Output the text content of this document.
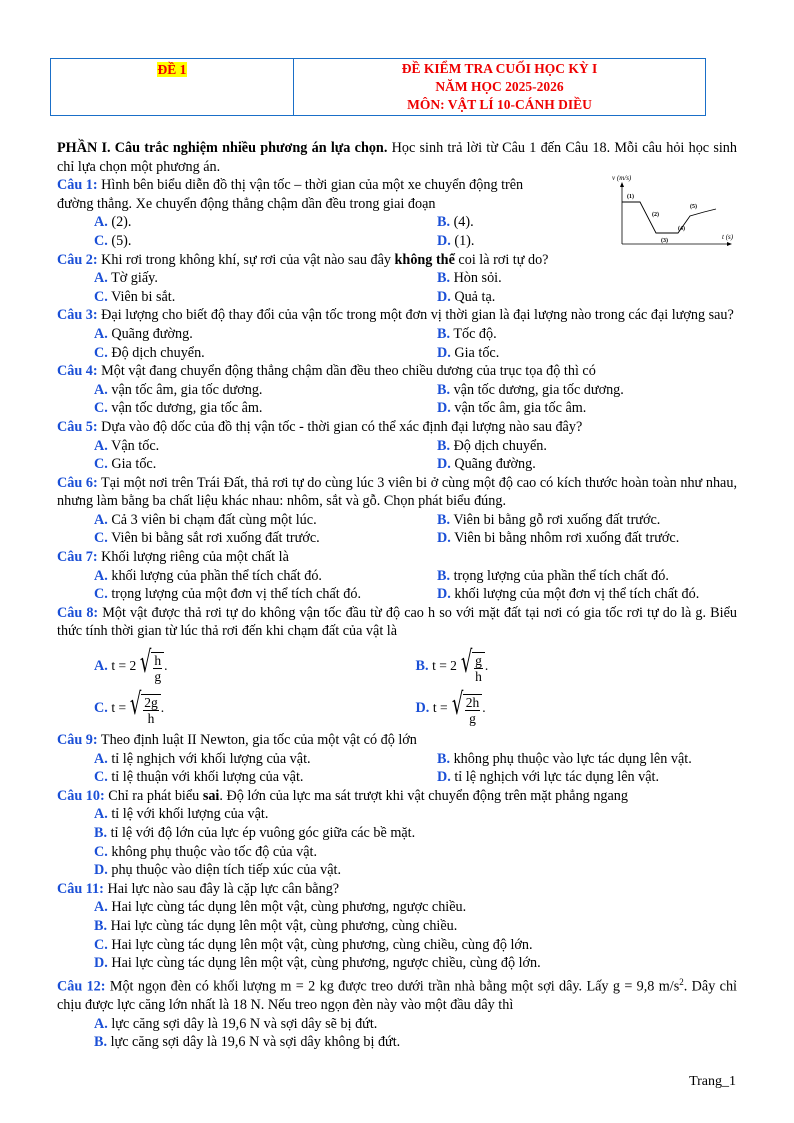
ĐỀ 1	ĐỀ KIỂM TRA CUỐI HỌC KỲ I
NĂM HỌC 2025-2026
MÔN: VẬT LÍ 10-CÁNH DIỀU
v (m/s)
t (s)
(1)
(2)
(3)
(4)
(5)

PHẦN I. Câu trắc nghiệm nhiều phương án lựa chọn. Học sinh trả lời từ Câu 1 đến Câu 18. Mỗi câu hỏi học sinh chỉ lựa chọn một phương án.

Câu 1: Hình bên biểu diễn đồ thị vận tốc – thời gian của một xe chuyển động trên

đường thẳng. Xe chuyển động thẳng chậm dần đều trong giai đoạn

A. (2).	B. (4).
C. (5).	D. (1).

Câu 2: Khi rơi trong không khí, sự rơi của vật nào sau đây không thể coi là rơi tự do?

A. Tờ giấy.	B. Hòn sỏi.
C. Viên bi sắt.	D. Quả tạ.

Câu 3: Đại lượng cho biết độ thay đổi của vận tốc trong một đơn vị thời gian là đại lượng nào trong các đại lượng sau?

A. Quãng đường.	B. Tốc độ.
C. Độ dịch chuyển.	D. Gia tốc.

Câu 4: Một vật đang chuyển động thẳng chậm dần đều theo chiều dương của trục tọa độ thì có

A. vận tốc âm, gia tốc dương.	B. vận tốc dương, gia tốc dương.
C. vận tốc dương, gia tốc âm.	D. vận tốc âm, gia tốc âm.

Câu 5: Dựa vào độ dốc của đồ thị vận tốc - thời gian có thể xác định đại lượng nào sau đây?

A. Vận tốc.	B. Độ dịch chuyển.
C. Gia tốc.	D. Quãng đường.

Câu 6: Tại một nơi trên Trái Đất, thả rơi tự do cùng lúc 3 viên bi ở cùng một độ cao có kích thước hoàn toàn như nhau, nhưng làm bằng ba chất liệu khác nhau: nhôm, sắt và gỗ. Chọn phát biểu đúng.

A. Cả 3 viên bi chạm đất cùng một lúc.	B. Viên bi bằng gỗ rơi xuống đất trước.
C. Viên bi bằng sắt rơi xuống đất trước.	D. Viên bi bằng nhôm rơi xuống đất trước.

Câu 7: Khối lượng riêng của một chất là

A. khối lượng của phần thể tích chất đó.	B. trọng lượng của phần thể tích chất đó.
C. trọng lượng của một đơn vị thể tích chất đó.	D. khối lượng của một đơn vị thể tích chất đó.

Câu 8: Một vật được thả rơi tự do không vận tốc đầu từ độ cao h so với mặt đất tại nơi có gia tốc rơi tự do là g. Biểu thức tính thời gian từ lúc thả rơi đến khi chạm đất của vật là

A.
t = 2 √ $\frac{h}{g}$ .	B.
t = 2 √ $\frac{g}{h}$ .
C.
t = √ $\frac{2g}{h}$ .	D.
t = √ $\frac{2h}{g}$ .

Câu 9: Theo định luật II Newton, gia tốc của một vật có độ lớn

A. tỉ lệ nghịch với khối lượng của vật.	B. không phụ thuộc vào lực tác dụng lên vật.
C. tỉ lệ thuận với khối lượng của vật.	D. tỉ lệ nghịch với lực tác dụng lên vật.

Câu 10: Chỉ ra phát biểu sai. Độ lớn của lực ma sát trượt khi vật chuyển động trên mặt phẳng ngang

A. tỉ lệ với khối lượng của vật.
B. tỉ lệ với độ lớn của lực ép vuông góc giữa các bề mặt.
C. không phụ thuộc vào tốc độ của vật.
D. phụ thuộc vào diện tích tiếp xúc của vật.

Câu 11: Hai lực nào sau đây là cặp lực cân bằng?

A. Hai lực cùng tác dụng lên một vật, cùng phương, ngược chiều.
B. Hai lực cùng tác dụng lên một vật, cùng phương, cùng chiều.
C. Hai lực cùng tác dụng lên một vật, cùng phương, cùng chiều, cùng độ lớn.
D. Hai lực cùng tác dụng lên một vật, cùng phương, ngược chiều, cùng độ lớn.

Câu 12: Một ngọn đèn có khối lượng m = 2 kg được treo dưới trần nhà bằng một sợi dây. Lấy g = 9,8 $m/s^2$. Dây chỉ chịu được lực căng lớn nhất là 18 N. Nếu treo ngọn đèn này vào một đầu dây thì

A. lực căng sợi dây là 19,6 N và sợi dây sẽ bị đứt.
B. lực căng sợi dây là 19,6 N và sợi dây không bị đứt.
Trang_1
